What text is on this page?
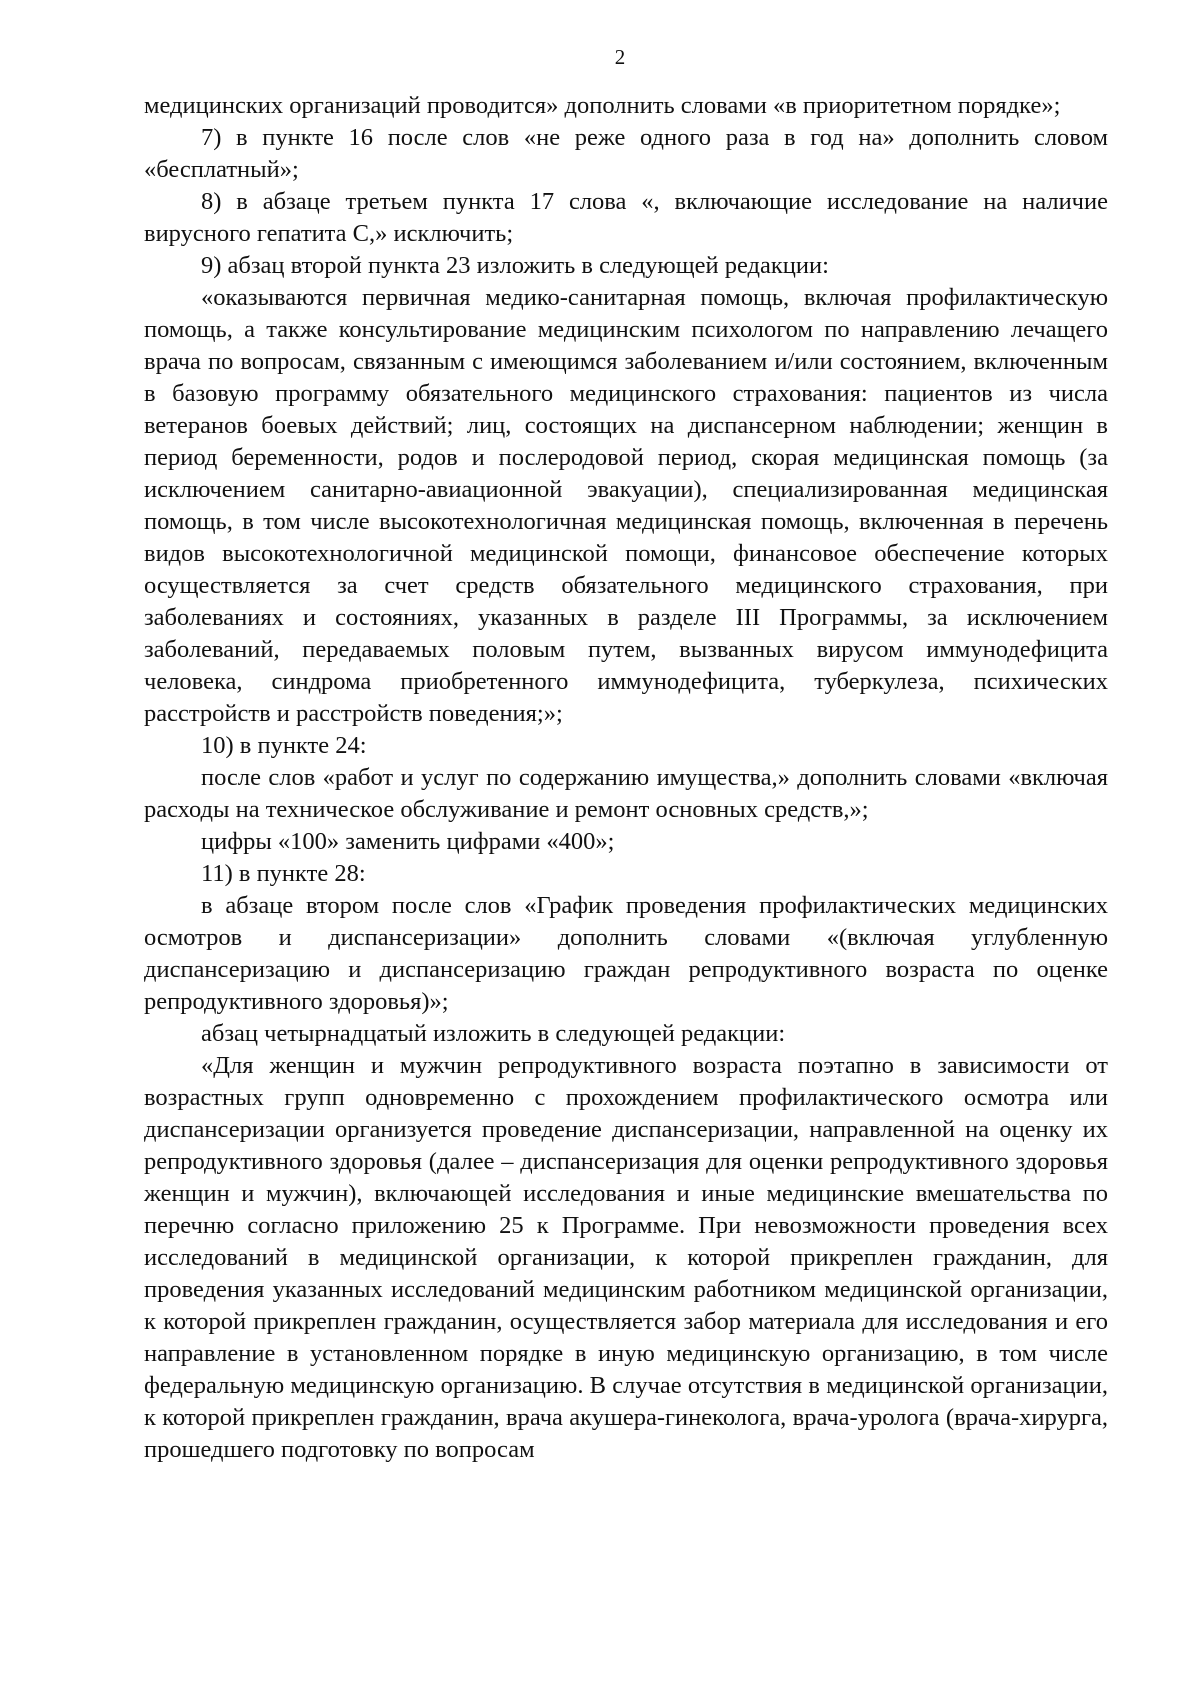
2

медицинских организаций проводится» дополнить словами «в приоритетном порядке»;

7) в пункте 16 после слов «не реже одного раза в год на» дополнить словом «бесплатный»;

8) в абзаце третьем пункта 17 слова «, включающие исследование на наличие вирусного гепатита С,» исключить;

9) абзац второй пункта 23 изложить в следующей редакции:

«оказываются первичная медико-санитарная помощь, включая профилактическую помощь, а также консультирование медицинским психологом по направлению лечащего врача по вопросам, связанным с имеющимся заболеванием и/или состоянием, включенным в базовую программу обязательного медицинского страхования: пациентов из числа ветеранов боевых действий; лиц, состоящих на диспансерном наблюдении; женщин в период беременности, родов и послеродовой период, скорая медицинская помощь (за исключением санитарно-авиационной эвакуации), специализированная медицинская помощь, в том числе высокотехнологичная медицинская помощь, включенная в перечень видов высокотехнологичной медицинской помощи, финансовое обеспечение которых осуществляется за счет средств обязательного медицинского страхования, при заболеваниях и состояниях, указанных в разделе III Программы, за исключением заболеваний, передаваемых половым путем, вызванных вирусом иммунодефицита человека, синдрома приобретенного иммунодефицита, туберкулеза, психических расстройств и расстройств поведения;»;

10) в пункте 24:

после слов «работ и услуг по содержанию имущества,» дополнить словами «включая расходы на техническое обслуживание и ремонт основных средств,»;

цифры «100» заменить цифрами «400»;

11) в пункте 28:

в абзаце втором после слов «График проведения профилактических медицинских осмотров и диспансеризации» дополнить словами «(включая углубленную диспансеризацию и диспансеризацию граждан репродуктивного возраста по оценке репродуктивного здоровья)»;

абзац четырнадцатый изложить в следующей редакции:

«Для женщин и мужчин репродуктивного возраста поэтапно в зависимости от возрастных групп одновременно с прохождением профилактического осмотра или диспансеризации организуется проведение диспансеризации, направленной на оценку их репродуктивного здоровья (далее – диспансеризация для оценки репродуктивного здоровья женщин и мужчин), включающей исследования и иные медицинские вмешательства по перечню согласно приложению 25 к Программе. При невозможности проведения всех исследований в медицинской организации, к которой прикреплен гражданин, для проведения указанных исследований медицинским работником медицинской организации, к которой прикреплен гражданин, осуществляется забор материала для исследования и его направление в установленном порядке в иную медицинскую организацию, в том числе федеральную медицинскую организацию. В случае отсутствия в медицинской организации, к которой прикреплен гражданин, врача акушера-гинеколога, врача-уролога (врача-хирурга, прошедшего подготовку по вопросам
